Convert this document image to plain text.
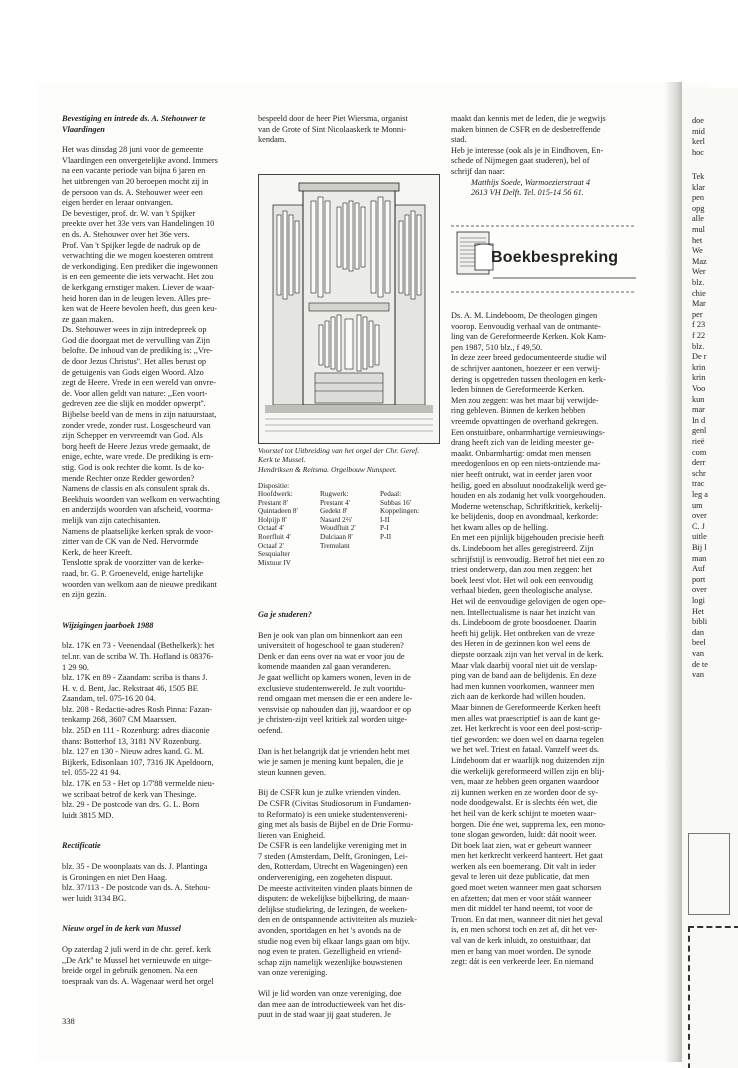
Bevestiging en intrede ds. A. Stehouwer te Vlaardingen

Het was dinsdag 28 juni voor de gemeente
Vlaardingen een onvergetelijke avond. Immers
na een vacante periode van bijna 6 jaren en
het uitbrengen van 20 beroepen mocht zij in
de persoon van ds. A. Stehouwer weer een
eigen herder en leraar ontvangen.

De bevestiger, prof. dr. W. van 't Spijker
preekte over het 33e vers van Handelingen 10
en ds. A. Stehouwer over het 36e vers.
Prof. Van 't Spijker legde de nadruk op de
verwachting die we mogen koesteren omtrent
de verkondiging. Een prediker die ingewonnen
is en een gemeente die iets verwacht. Het zou
de kerkgang ernstiger maken. Liever de waar-
heid horen dan in de leugen leven. Alles pre-
ken wat de Heere bevolen heeft, dus geen keu-
ze gaan maken.

Ds. Stehouwer wees in zijn intredepreek op
God die doorgaat met de vervulling van Zijn
belofte. De inhoud van de prediking is: ,,Vre-
de door Jezus Christus''. Het alles berust op
de getuigenis van Gods eigen Woord. Alzo
zegt de Heere. Vrede in een wereld van onvre-
de. Voor allen geldt van nature: ,,Een voort-
gedreven zee die slijk en modder opwerpt''.
Bijbelse beeld van de mens in zijn natuurstaat,
zonder vrede, zonder rust. Losgescheurd van
zijn Schepper en vervreemdt van God. Als
borg heeft de Heere Jezus vrede gemaakt, de
enige, echte, ware vrede. De prediking is ern-
stig. God is ook rechter die komt. Is de ko-
mende Rechter onze Redder geworden?

Namens de classis en als consulent sprak ds.
Beekhuis woorden van welkom en verwachting
en anderzijds woorden van afscheid, voorma-
melijk van zijn catechisanten.

Namens de plaatselijke kerken sprak de voor-
zitter van de CK van de Ned. Hervormde
Kerk, de heer Kreeft.

Tenslotte sprak de voorzitter van de kerke-
raad, br. G. P. Groeneveld, enige hartelijke
woorden van welkom aan de nieuwe predikant
en zijn gezin.

Wijzigingen jaarboek 1988

blz. 17K en 73 - Veenendaal (Bethelkerk): het
tel.nr. van de scriba W. Th. Hofland is 08376-
1 29 90.

blz. 17K en 89 - Zaandam: scriba is thans J.
H. v. d. Bent, Jac. Rekstraat 46, 1505 BE
Zaandam, tel. 075-16 20 04.

blz. 208 - Redactie-adres Rosh Pinna: Fazan-
tenkamp 268, 3607 CM Maarssen.

blz. 25D en 111 - Rozenburg: adres diaconie
thans: Botterhof 13, 3181 NV Rozenburg.

blz. 127 en 130 - Nieuw adres kand. G. M.
Bijkerk, Edisonlaan 107, 7316 JK Apeldoorn,
tel. 055-22 41 94.

blz. 17K en 53 - Het op 1/7'88 vermelde nieu-
we scribaat betrof de kerk van Thesinge.

blz. 29 - De postcode van drs. G. L. Born
luidt 3815 MD.

Rectificatie

blz. 35 - De woonplaats van ds. J. Plantinga
is Groningen en niet Den Haag.

blz. 37/113 - De postcode van ds. A. Stehou-
wer luidt 3134 BG.

Nieuw orgel in de kerk van Mussel

Op zaterdag 2 juli werd in de chr. geref. kerk
,,De Ark'' te Mussel het vernieuwde en uitge-
breide orgel in gebruik genomen. Na een
toespraak van ds. A. Wagenaar werd het orgel

338

bespeeld door de heer Piet Wiersma, organist
van de Grote of Sint Nicolaaskerk te Monni-
kendam.

Voorstel tot Uitbreiding van het orgel der Chr. Geref.
Kerk te Mussel.
Hendriksen & Reitsma. Orgelbouw Nunspeet.
Dispositie:
Hoofdwerk:
Prestant 8'
Quintadeen 8'
Holpijp 8'
Octaaf 4'
Roerfluit 4'
Octaaf 2'
Sesquialter
Mixtuur IV
Rugwerk:
Prestant 4'
Gedekt 8'
Nasard 2⅔'
Woudfluit 2'
Dulciaan 8'
Tremulant
Pedaal:
Subbas 16'
Koppelingen:
I-II
P-I
P-II
Ga je studeren?

Ben je ook van plan om binnenkort aan een
universiteit of hogeschool te gaan studeren?
Denk er dan eens over na wat er voor jou de
komende maanden zal gaan veranderen.
Je gaat wellicht op kamers wonen, leven in de
exclusieve studentenwereld. Je zult voortdu-
rend omgaan met mensen die er een andere le-
vensvisie op nahouden dan jij, waardoor er op
je christen-zijn veel kritiek zal worden uitge-
oefend.

Dan is het belangrijk dat je vrienden hebt met
wie je samen je mening kunt bepalen, die je
steun kunnen geven.

Bij de CSFR kun je zulke vrienden vinden.
De CSFR (Civitas Studiosorum in Fundamen-
to Reformato) is een unieke studentenvereni-
ging met als basis de Bijbel en de Drie Formu-
lieren van Enigheid.
De CSFR is een landelijke vereniging met in
7 steden (Amsterdam, Delft, Groningen, Lei-
den, Rotterdam, Utrecht en Wageningen) een
ondervereniging, een zogeheten dispuut.
De meeste activiteiten vinden plaats binnen de
disputen: de wekelijkse bijbelkring, de maan-
delijkse studiekring, de lezingen, de weeken-
den en de ontspannende activiteiten als muziek-
avonden, sportdagen en het 's avonds na de
studie nog even bij elkaar langs gaan om bijv.
nog even te praten. Gezelligheid en vriend-
schap zijn namelijk wezenlijke bouwstenen
van onze vereniging.

Wil je lid worden van onze vereniging, doe
dan mee aan de introductieweek van het dis-
puut in de stad waar jij gaat studeren. Je

maakt dan kennis met de leden, die je wegwijs
maken binnen de CSFR en de desbetreffende
stad.
Heb je interesse (ook als je in Eindhoven, En-
schede of Nijmegen gaat studeren), bel of
schrijf dan naar:

Matthijs Soede, Warmoezierstraat 4
2613 VH Delft. Tel. 015-14 56 61.

Boekbespreking

Ds. A. M. Lindeboom, De theologen gingen
voorop. Eenvoudig verhaal van de ontmante-
ling van de Gereformeerde Kerken. Kok Kam-
pen 1987, 510 blz., f 49,50.
In deze zeer breed gedocumenteerde studie wil
de schrijver aantonen, hoezeer er een verwij-
dering is opgetreden tussen theologen en kerk-
leden binnen de Gereformeerde Kerken.
Men zou zeggen: was het maar bij verwijde-
ring gebleven. Binnen de kerken hebben
vreemde opvattingen de overhand gekregen.
Een onstuitbare, onbarmhartige vernieuwings-
drang heeft zich van de leiding meester ge-
maakt. Onbarmhartig: omdat men mensen
meedogenloos en op een niets-ontziende ma-
nier heeft ontrukt, wat in eerder jaren voor
heilig, goed en absoluut noodzakelijk werd ge-
houden en als zodanig het volk voorgehouden.
Moderne wetenschap, Schriftkritiek, kerkelij-
ke belijdenis, doop en avondmaal, kerkorde:
het kwam alles op de helling.
En met een pijnlijk bijgehouden precisie heeft
ds. Lindeboom het alles geregistreerd. Zijn
schrijfstijl is eenvoudig. Betrof het niet een zo
triest onderwerp, dan zou men zeggen: het
boek leest vlot. Het wil ook een eenvoudig
verhaal bieden, geen theologische analyse.
Het wil de eenvoudige gelovigen de ogen ope-
nen. Intellectualisme is naar het inzicht van
ds. Lindeboom de grote boosdoener. Daarin
heeft hij gelijk. Het ontbreken van de vreze
des Heren in de gezinnen kon wel eens de
diepste oorzaak zijn van het verval in de kerk.
Maar vlak daarbij vooral niet uit de verslap-
ping van de band aan de belijdenis. En deze
had men kunnen voorkomen, wanneer men
zich aan de kerkorde had willen houden.
Maar binnen de Gereformeerde Kerken heeft
men alles wat praescriptief is aan de kant ge-
zet. Het kerkrecht is voor een deel post-scrip-
tief geworden: we doen wel en daarna regelen
we het wel. Triest en fataal. Vanzelf weet ds.
Lindeboom dat er waarlijk nog duizenden zijn
die werkelijk gereformeerd willen zijn en blij-
ven, maar ze hebben geen organen waardoor
zij kunnen werken en ze worden door de sy-
node doodgewalst. Er is slechts één wet, die
het heil van de kerk schijnt te moeten waar-
borgen. Die éne wet, suppremа lex, een mono-
tone slogan geworden, luidt: dát nooit weer.
Dit boek laat zien, wat er gebeurt wanneer
men het kerkrecht verkeerd hanteert. Het gaat
werken als een boemerang. Dit valt in ieder
geval te leren uit deze publicatie, dat men
goed moet weten wanneer men gaat schorsen
en afzetten; dat men er voor stáát wanneer
men dit middel ter hand neemt, tot voor de
Troon. En dat men, wanneer dit niet het geval
is, en men schorst toch en zet af, dít het ver-
val van de kerk inluidt, zo onstuitbaar, dat
men er bang van moet worden. De synode
zegt: dát is een verkeerde leer. En niemand

doe
mid
kerl
hoc
Tek
klar
pen
opg
alle
mul
het
We
Maz
Wer
blz.
chie
Mar
per
f 23
f 22
blz.
De r
krin
krin
Voo
kun
mar
In d
genl
rieë
com
derr
schr
trac
leg a
um
over
C. J
uitle
Bij l
man
Auf
port
over
logi
Het
bibli
dan
beel
van
de te
van
